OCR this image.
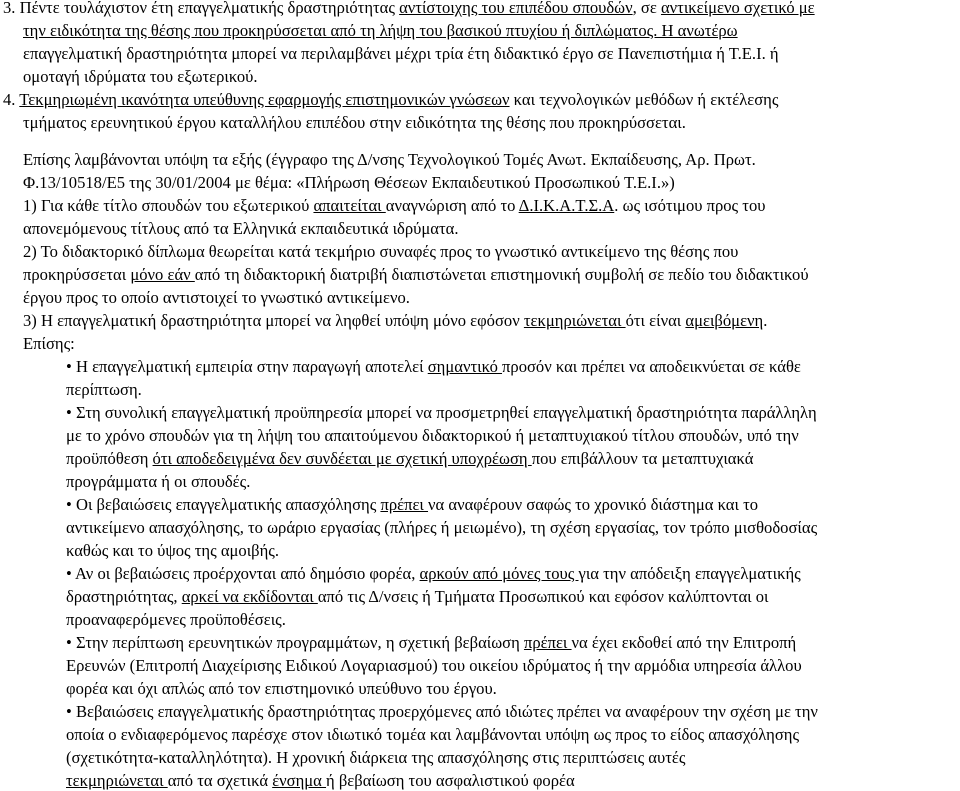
3. Πέντε τουλάχιστον έτη επαγγελματικής δραστηριότητας αντίστοιχης του επιπέδου σπουδών, σε αντικείμενο σχετικό με
την ειδικότητα της θέσης που προκηρύσσεται από τη λήψη του βασικού πτυχίου ή διπλώματος. Η ανωτέρω
επαγγελματική δραστηριότητα μπορεί να περιλαμβάνει μέχρι τρία έτη διδακτικό έργο σε Πανεπιστήμια ή Τ.Ε.Ι. ή
ομοταγή ιδρύματα του εξωτερικού.
4. Τεκμηριωμένη ικανότητα υπεύθυνης εφαρμογής επιστημονικών γνώσεων και τεχνολογικών μεθόδων ή εκτέλεσης
τμήματος ερευνητικού έργου καταλλήλου επιπέδου στην ειδικότητα της θέσης που προκηρύσσεται.
Επίσης λαμβάνονται υπόψη τα εξής (έγγραφο της Δ/νσης Τεχνολογικού Τομές Ανωτ. Εκπαίδευσης, Αρ. Πρωτ.
Φ.13/10518/Ε5 της 30/01/2004 με θέμα: «Πλήρωση Θέσεων Εκπαιδευτικού Προσωπικού Τ.Ε.Ι.»)
1) Για κάθε τίτλο σπουδών του εξωτερικού απαιτείται αναγνώριση από το Δ.Ι.Κ.Α.Τ.Σ.Α. ως ισότιμου προς του
απονεμόμενους τίτλους από τα Ελληνικά εκπαιδευτικά ιδρύματα.
2) Το διδακτορικό δίπλωμα θεωρείται κατά τεκμήριο συναφές προς το γνωστικό αντικείμενο της θέσης που
προκηρύσσεται μόνο εάν από τη διδακτορική διατριβή διαπιστώνεται επιστημονική συμβολή σε πεδίο του διδακτικού
έργου προς το οποίο αντιστοιχεί το γνωστικό αντικείμενο.
3) Η επαγγελματική δραστηριότητα μπορεί να ληφθεί υπόψη μόνο εφόσον τεκμηριώνεται ότι είναι αμειβόμενη.
Επίσης:
• Η επαγγελματική εμπειρία στην παραγωγή αποτελεί σημαντικό προσόν και πρέπει να αποδεικνύεται σε κάθε
περίπτωση.
• Στη συνολική επαγγελματική προϋπηρεσία μπορεί να προσμετρηθεί επαγγελματική δραστηριότητα παράλληλη
με το χρόνο σπουδών για τη λήψη του απαιτούμενου διδακτορικού ή μεταπτυχιακού τίτλου σπουδών, υπό την
προϋπόθεση ότι αποδεδειγμένα δεν συνδέεται με σχετική υποχρέωση που επιβάλλουν τα μεταπτυχιακά
προγράμματα ή οι σπουδές.
• Οι βεβαιώσεις επαγγελματικής απασχόλησης πρέπει να αναφέρουν σαφώς το χρονικό διάστημα και το
αντικείμενο απασχόλησης, το ωράριο εργασίας (πλήρες ή μειωμένο), τη σχέση εργασίας, τον τρόπο μισθοδοσίας
καθώς και το ύψος της αμοιβής.
• Αν οι βεβαιώσεις προέρχονται από δημόσιο φορέα, αρκούν από μόνες τους για την απόδειξη επαγγελματικής
δραστηριότητας, αρκεί να εκδίδονται από τις Δ/νσεις ή Τμήματα Προσωπικού και εφόσον καλύπτονται οι
προαναφερόμενες προϋποθέσεις.
• Στην περίπτωση ερευνητικών προγραμμάτων, η σχετική βεβαίωση πρέπει να έχει εκδοθεί από την Επιτροπή
Ερευνών (Επιτροπή Διαχείρισης Ειδικού Λογαριασμού) του οικείου ιδρύματος ή την αρμόδια υπηρεσία άλλου
φορέα και όχι απλώς από τον επιστημονικό υπεύθυνο του έργου.
• Βεβαιώσεις επαγγελματικής δραστηριότητας προερχόμενες από ιδιώτες πρέπει να αναφέρουν την σχέση με την
οποία ο ενδιαφερόμενος παρέσχε στον ιδιωτικό τομέα και λαμβάνονται υπόψη ως προς το είδος απασχόλησης
(σχετικότητα-καταλληλότητα). Η χρονική διάρκεια της απασχόλησης στις περιπτώσεις αυτές
τεκμηριώνεται από τα σχετικά ένσημα ή βεβαίωση του ασφαλιστικού φορέα
